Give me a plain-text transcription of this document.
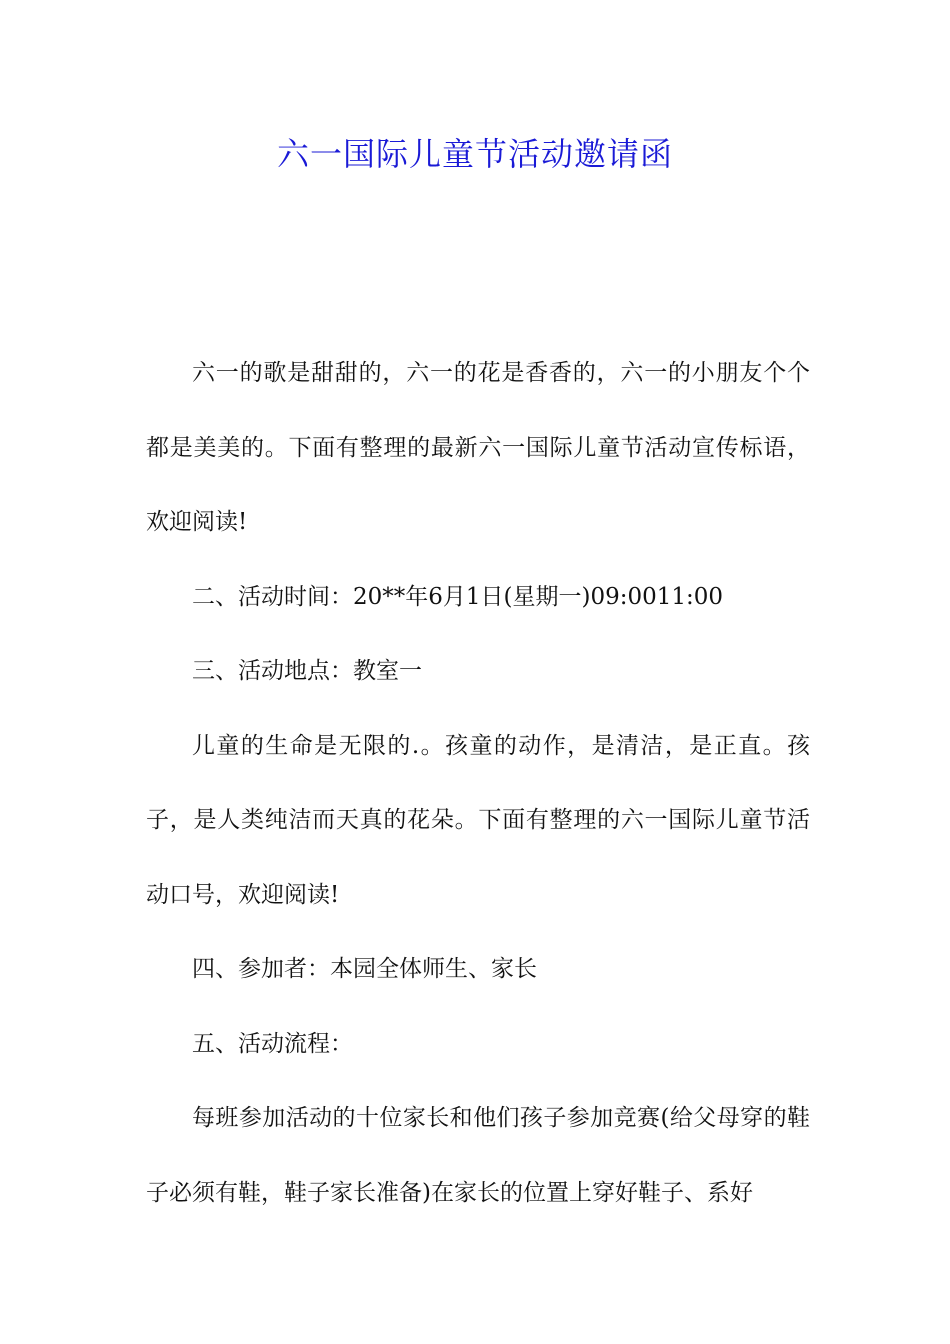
六一国际儿童节活动邀请函

六一的歌是甜甜的，六一的花是香香的，六一的小朋友个个都是美美的。下面有整理的最新六一国际儿童节活动宣传标语，欢迎阅读!

二、活动时间：20**年6月1日(星期一)09:0011:00

三、活动地点：教室一

儿童的生命是无限的.。孩童的动作，是清洁，是正直。孩子，是人类纯洁而天真的花朵。下面有整理的六一国际儿童节活动口号，欢迎阅读!

四、参加者：本园全体师生、家长

五、活动流程：

每班参加活动的十位家长和他们孩子参加竞赛(给父母穿的鞋子必须有鞋，鞋子家长准备)在家长的位置上穿好鞋子、系好
